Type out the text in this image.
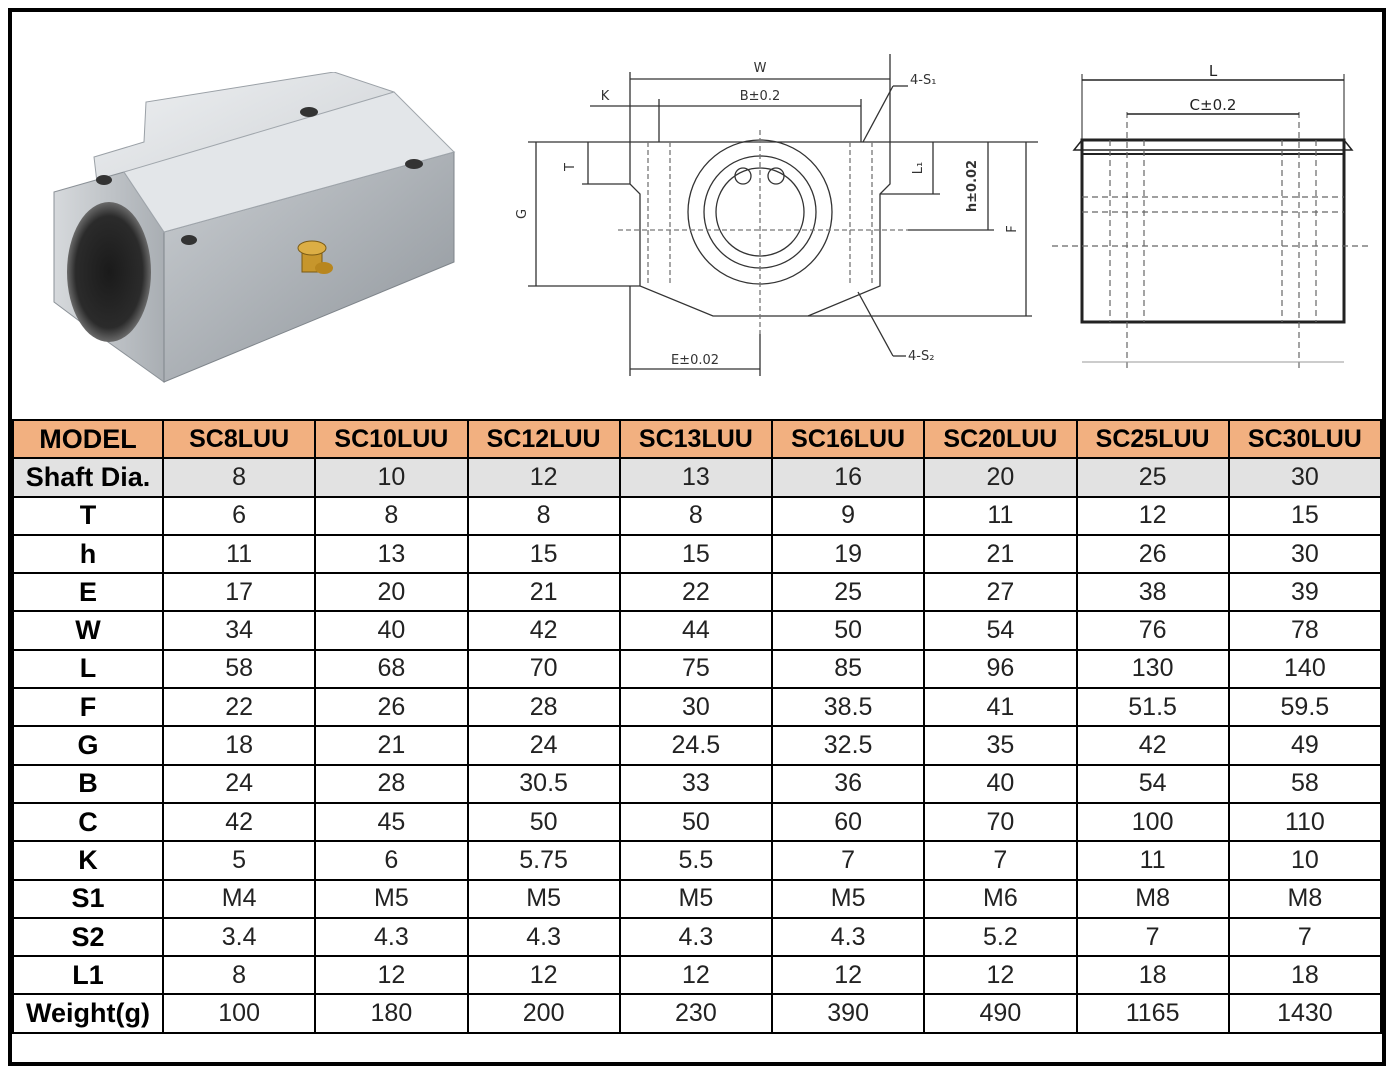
W
K	B±0.2
4-S₁
T
G
L₁	h±0.02
F
E±0.02	4-S₂
L
C±0.2
MODEL	SC8LUU	SC10LUU	SC12LUU	SC13LUU	SC16LUU	SC20LUU	SC25LUU	SC30LUU
Shaft Dia.	8	10	12	13	16	20	25	30
T	6	8	8	8	9	11	12	15
h	11	13	15	15	19	21	26	30
E	17	20	21	22	25	27	38	39
W	34	40	42	44	50	54	76	78
L	58	68	70	75	85	96	130	140
F	22	26	28	30	38.5	41	51.5	59.5
G	18	21	24	24.5	32.5	35	42	49
B	24	28	30.5	33	36	40	54	58
C	42	45	50	50	60	70	100	110
K	5	6	5.75	5.5	7	7	11	10
S1	M4	M5	M5	M5	M5	M6	M8	M8
S2	3.4	4.3	4.3	4.3	4.3	5.2	7	7
L1	8	12	12	12	12	12	18	18
Weight(g)	100	180	200	230	390	490	1165	1430
